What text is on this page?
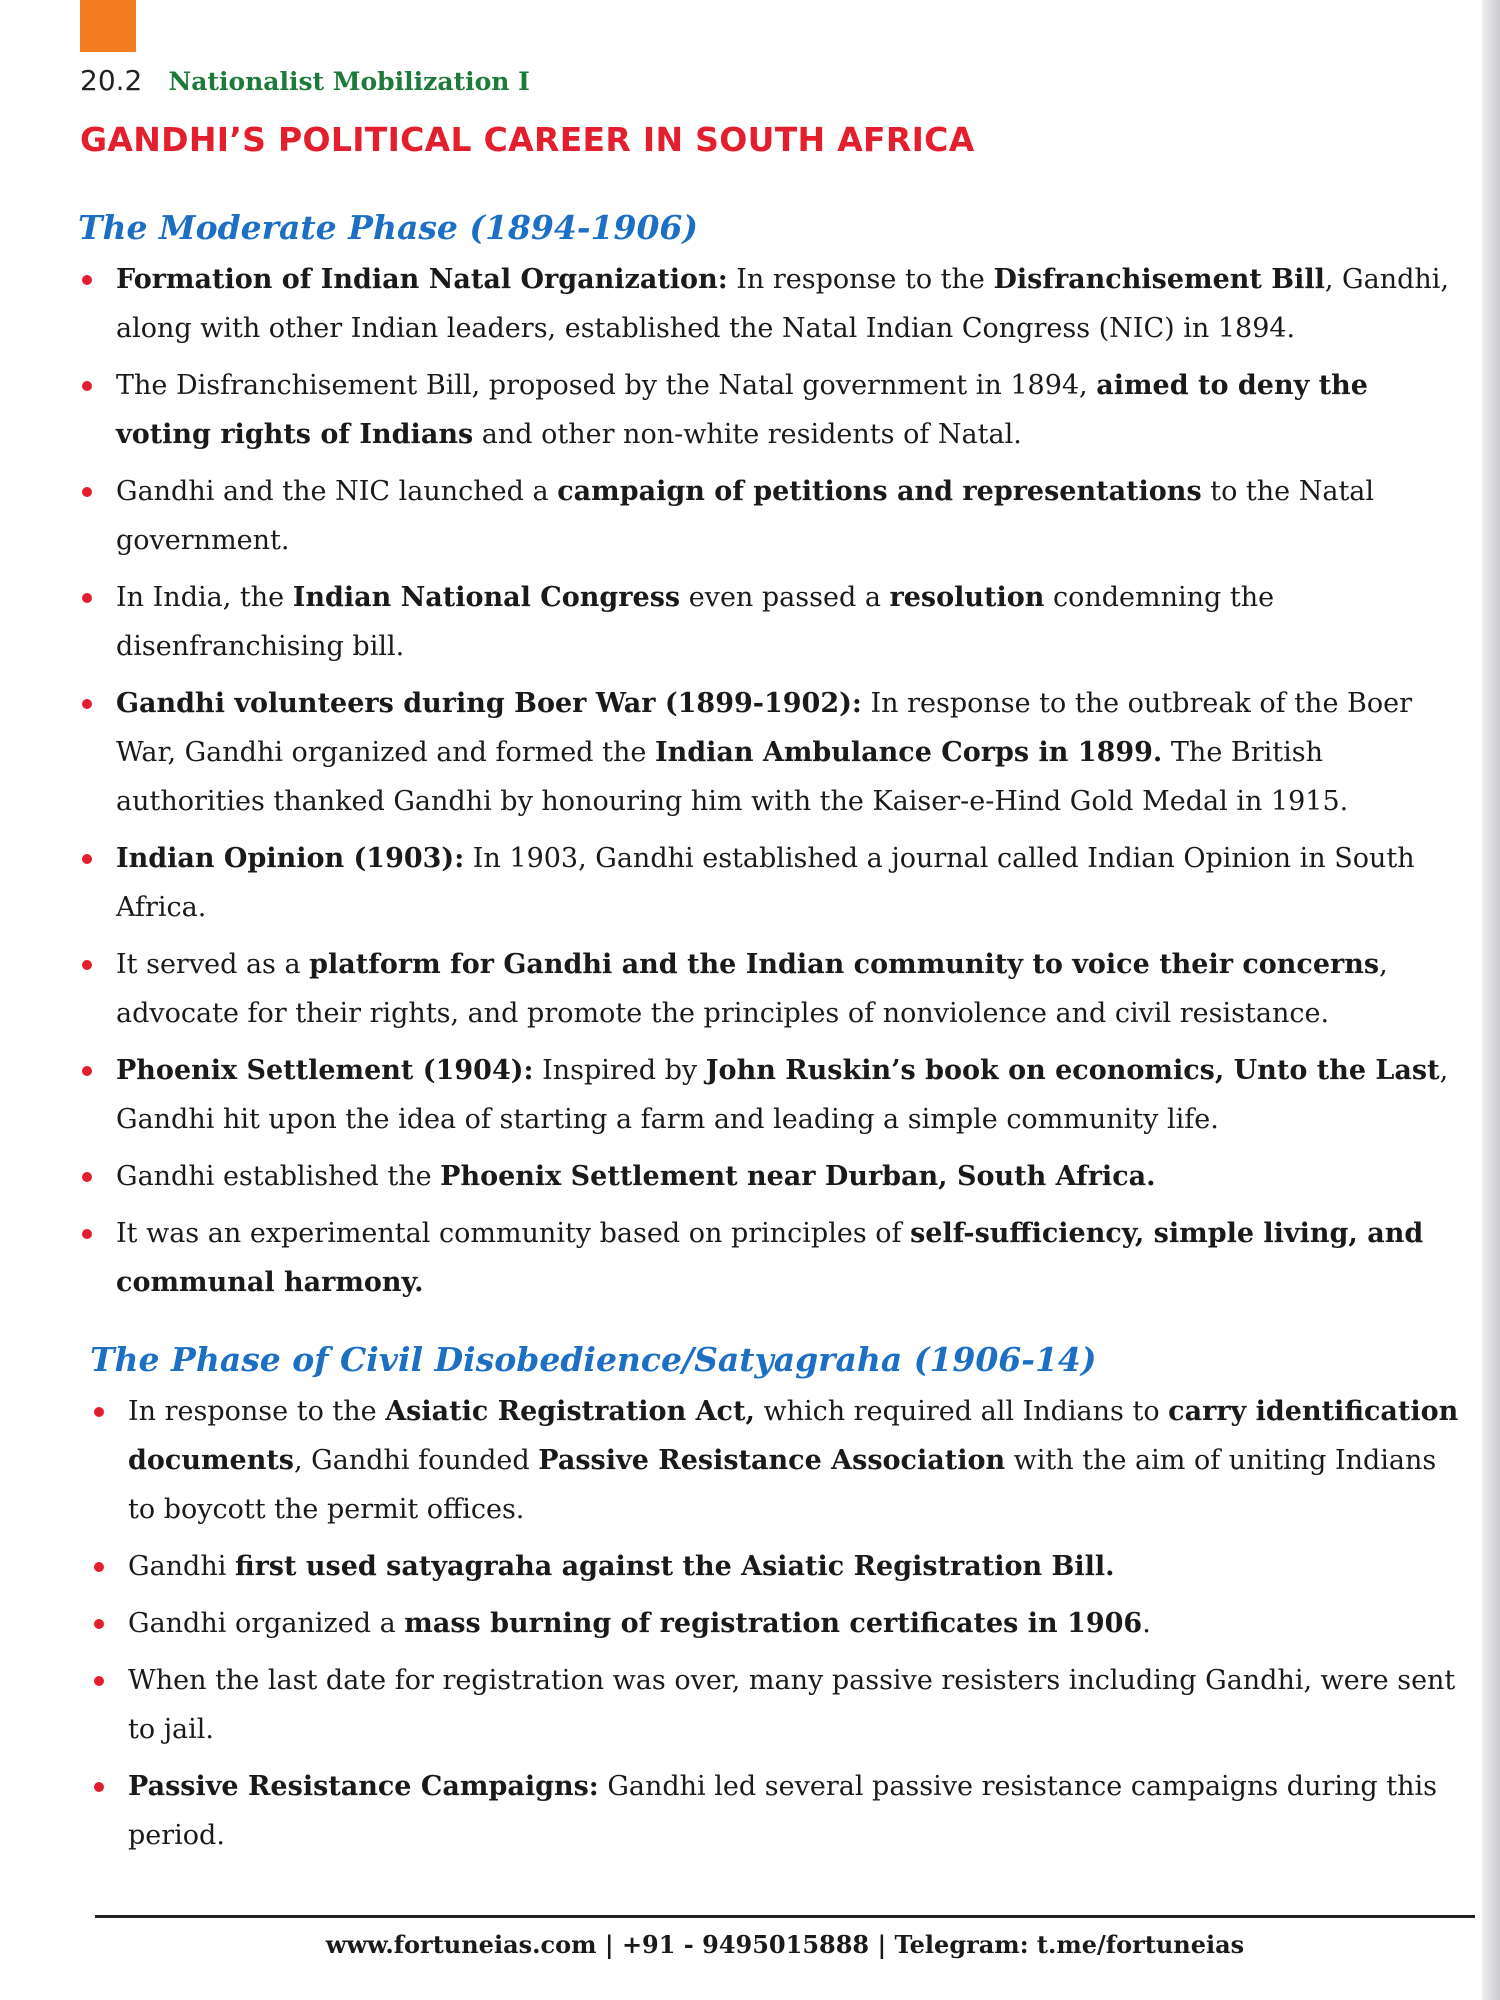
20.2 Nationalist Mobilization I
GANDHI’S POLITICAL CAREER IN SOUTH AFRICA
The Moderate Phase (1894-1906)
Formation of Indian Natal Organization: In response to the Disfranchisement Bill, Gandhi, along with other Indian leaders, established the Natal Indian Congress (NIC) in 1894.
The Disfranchisement Bill, proposed by the Natal government in 1894, aimed to deny the voting rights of Indians and other non-white residents of Natal.
Gandhi and the NIC launched a campaign of petitions and representations to the Natal government.
In India, the Indian National Congress even passed a resolution condemning the disenfranchising bill.
Gandhi volunteers during Boer War (1899-1902): In response to the outbreak of the Boer War, Gandhi organized and formed the Indian Ambulance Corps in 1899. The British authorities thanked Gandhi by honouring him with the Kaiser-e-Hind Gold Medal in 1915.
Indian Opinion (1903): In 1903, Gandhi established a journal called Indian Opinion in South Africa.
It served as a platform for Gandhi and the Indian community to voice their concerns, advocate for their rights, and promote the principles of nonviolence and civil resistance.
Phoenix Settlement (1904): Inspired by John Ruskin’s book on economics, Unto the Last, Gandhi hit upon the idea of starting a farm and leading a simple community life.
Gandhi established the Phoenix Settlement near Durban, South Africa.
It was an experimental community based on principles of self-sufficiency, simple living, and communal harmony.
The Phase of Civil Disobedience/Satyagraha (1906-14)
In response to the Asiatic Registration Act, which required all Indians to carry identification documents, Gandhi founded Passive Resistance Association with the aim of uniting Indians to boycott the permit offices.
Gandhi first used satyagraha against the Asiatic Registration Bill.
Gandhi organized a mass burning of registration certificates in 1906.
When the last date for registration was over, many passive resisters including Gandhi, were sent to jail.
Passive Resistance Campaigns: Gandhi led several passive resistance campaigns during this period.
www.fortuneias.com | +91 - 9495015888 | Telegram: t.me/fortuneias
